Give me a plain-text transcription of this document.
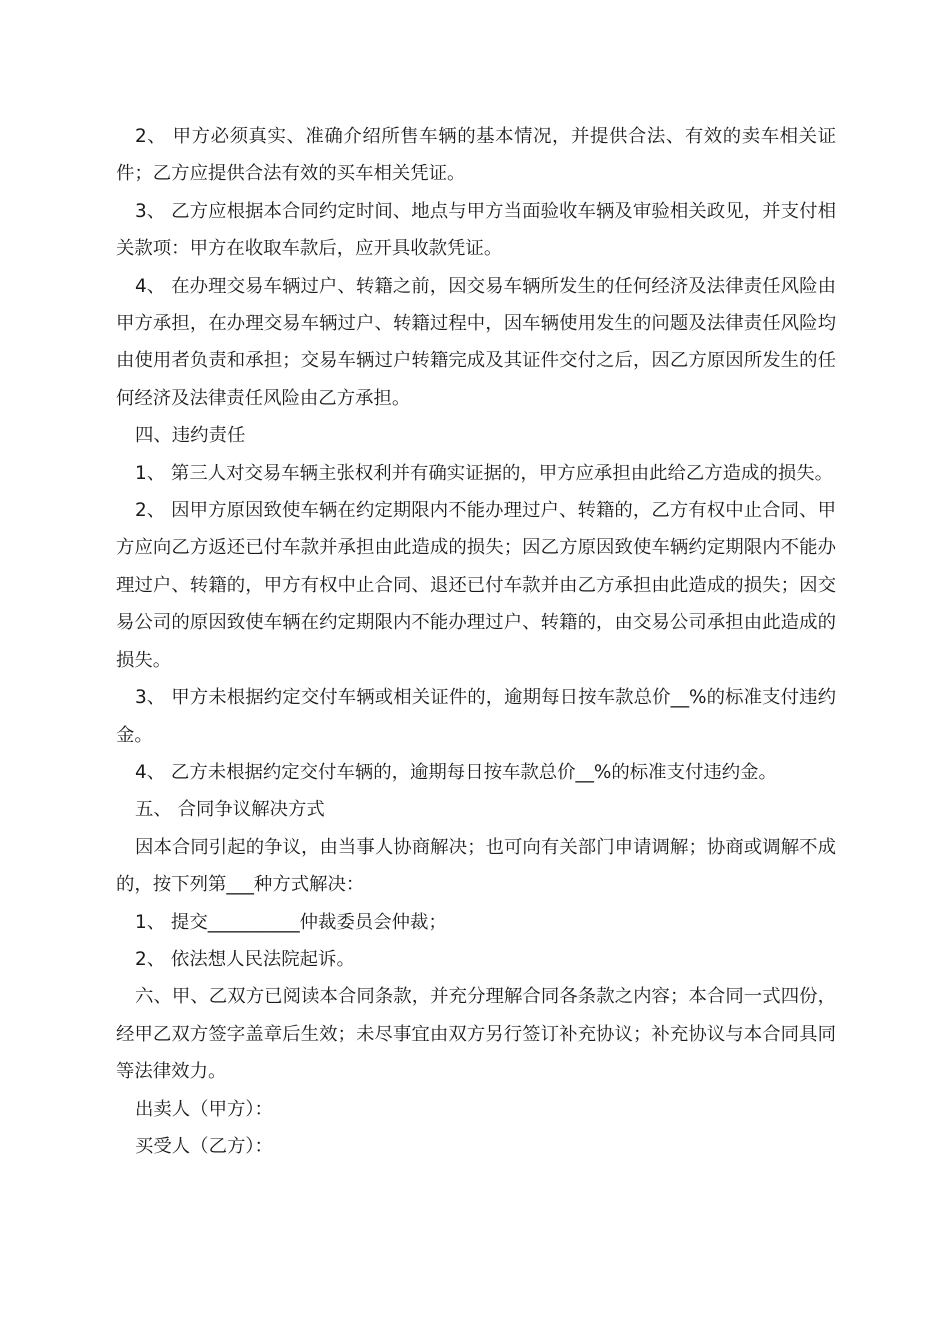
2、 甲方必须真实、准确介绍所售车辆的基本情况，并提供合法、有效的卖车相关证件；乙方应提供合法有效的买车相关凭证。

3、 乙方应根据本合同约定时间、地点与甲方当面验收车辆及审验相关政见，并支付相关款项：甲方在收取车款后，应开具收款凭证。

4、 在办理交易车辆过户、转籍之前，因交易车辆所发生的任何经济及法律责任风险由甲方承担，在办理交易车辆过户、转籍过程中，因车辆使用发生的问题及法律责任风险均由使用者负责和承担；交易车辆过户转籍完成及其证件交付之后，因乙方原因所发生的任何经济及法律责任风险由乙方承担。

四、违约责任

1、 第三人对交易车辆主张权利并有确实证据的，甲方应承担由此给乙方造成的损失。

2、 因甲方原因致使车辆在约定期限内不能办理过户、转籍的，乙方有权中止合同、甲方应向乙方返还已付车款并承担由此造成的损失；因乙方原因致使车辆约定期限内不能办理过户、转籍的，甲方有权中止合同、退还已付车款并由乙方承担由此造成的损失；因交易公司的原因致使车辆在约定期限内不能办理过户、转籍的，由交易公司承担由此造成的损失。

3、 甲方未根据约定交付车辆或相关证件的，逾期每日按车款总价__%的标准支付违约金。

4、 乙方未根据约定交付车辆的，逾期每日按车款总价__%的标准支付违约金。

五、 合同争议解决方式

因本合同引起的争议，由当事人协商解决；也可向有关部门申请调解；协商或调解不成的，按下列第___种方式解决：

1、 提交__________仲裁委员会仲裁；

2、 依法想人民法院起诉。

六、甲、乙双方已阅读本合同条款，并充分理解合同各条款之内容；本合同一式四份，经甲乙双方签字盖章后生效；未尽事宜由双方另行签订补充协议；补充协议与本合同具同等法律效力。

出卖人（甲方）：

买受人（乙方）：
